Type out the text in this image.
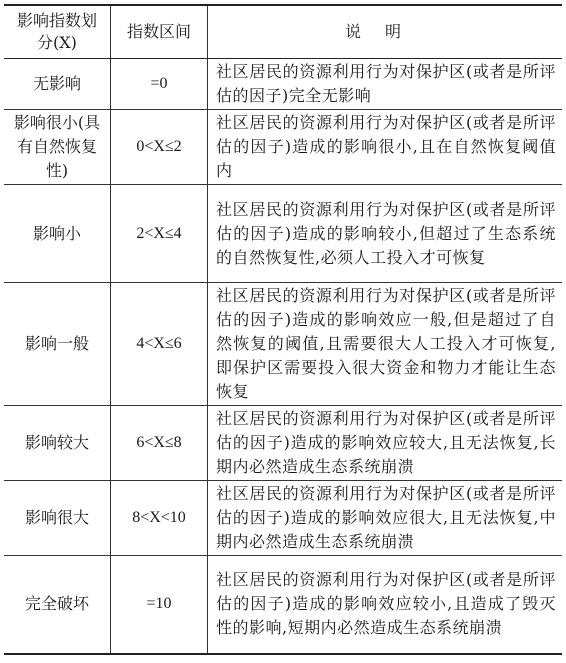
影响指数划分(X)	指数区间	说明
无影响	=0	社区居民的资源利用行为对保护区(或者是所评估的因子)完全无影响

影响很小(具有自然恢复性)	0<X≤2	社区居民的资源利用行为对保护区(或者是所评估的因子)造成的影响很小,且在自然恢复阈值内

影响小	2<X≤4	社区居民的资源利用行为对保护区(或者是所评估的因子)造成的影响较小,但超过了生态系统的自然恢复性,必须人工投入才可恢复

影响一般	4<X≤6	社区居民的资源利用行为对保护区(或者是所评估的因子)造成的影响效应一般,但是超过了自然恢复的阈值,且需要很大人工投入才可恢复,即保护区需要投入很大资金和物力才能让生态恢复

影响较大	6<X≤8	社区居民的资源利用行为对保护区(或者是所评估的因子)造成的影响效应较大,且无法恢复,长期内必然造成生态系统崩溃

影响很大	8<X<10	社区居民的资源利用行为对保护区(或者是所评估的因子)造成的影响效应很大,且无法恢复,中期内必然造成生态系统崩溃

完全破坏	=10	社区居民的资源利用行为对保护区(或者是所评估的因子)造成的影响效应较小,且造成了毁灭性的影响,短期内必然造成生态系统崩溃
